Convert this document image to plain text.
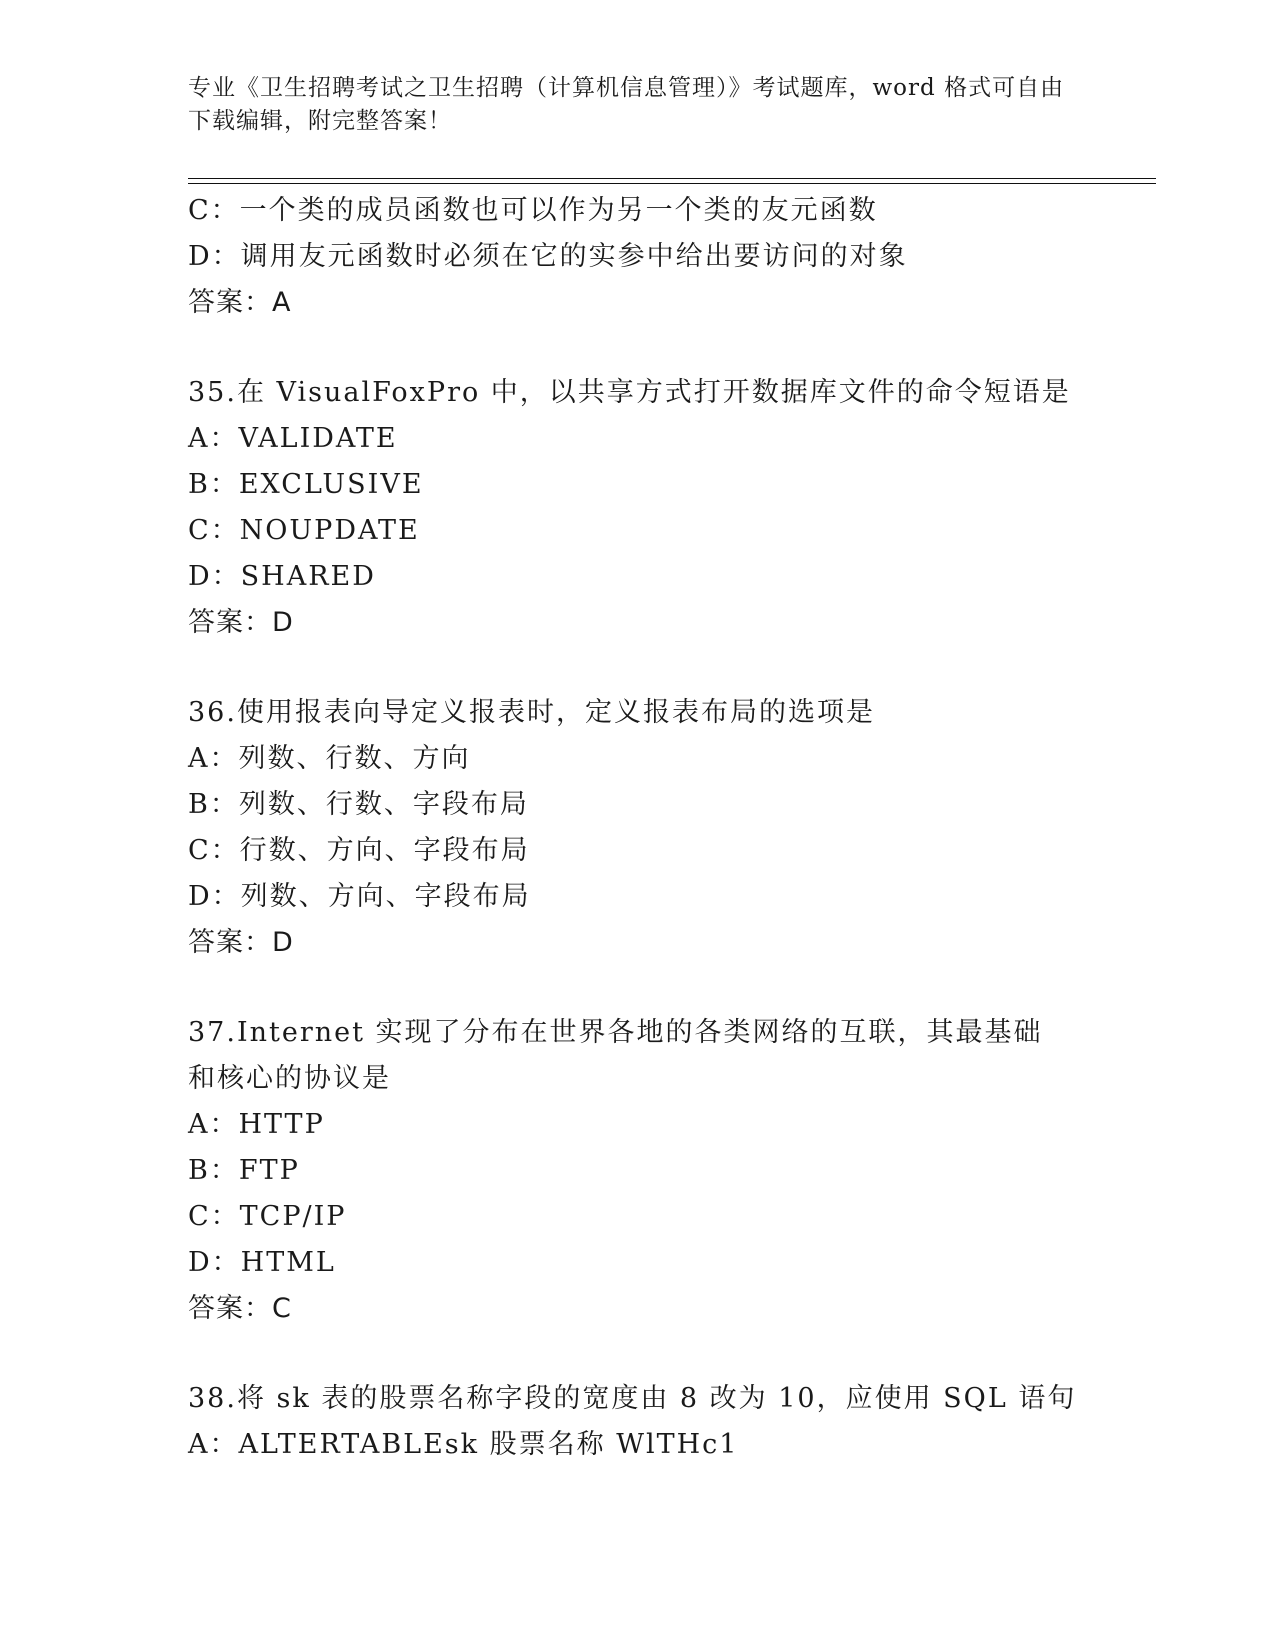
专业《卫生招聘考试之卫生招聘（计算机信息管理）》考试题库，word 格式可自由下载编辑，附完整答案！
C：一个类的成员函数也可以作为另一个类的友元函数
D：调用友元函数时必须在它的实参中给出要访问的对象
答案：A
35.在 VisualFoxPro 中，以共享方式打开数据库文件的命令短语是
A：VALIDATE
B：EXCLUSIVE
C：NOUPDATE
D：SHARED
答案：D
36.使用报表向导定义报表时，定义报表布局的选项是
A：列数、行数、方向
B：列数、行数、字段布局
C：行数、方向、字段布局
D：列数、方向、字段布局
答案：D
37.Internet 实现了分布在世界各地的各类网络的互联，其最基础和核心的协议是
A：HTTP
B：FTP
C：TCP/IP
D：HTML
答案：C
38.将 sk 表的股票名称字段的宽度由 8 改为 10，应使用 SQL 语句
A：ALTERTABLEsk 股票名称 WlTHc1
